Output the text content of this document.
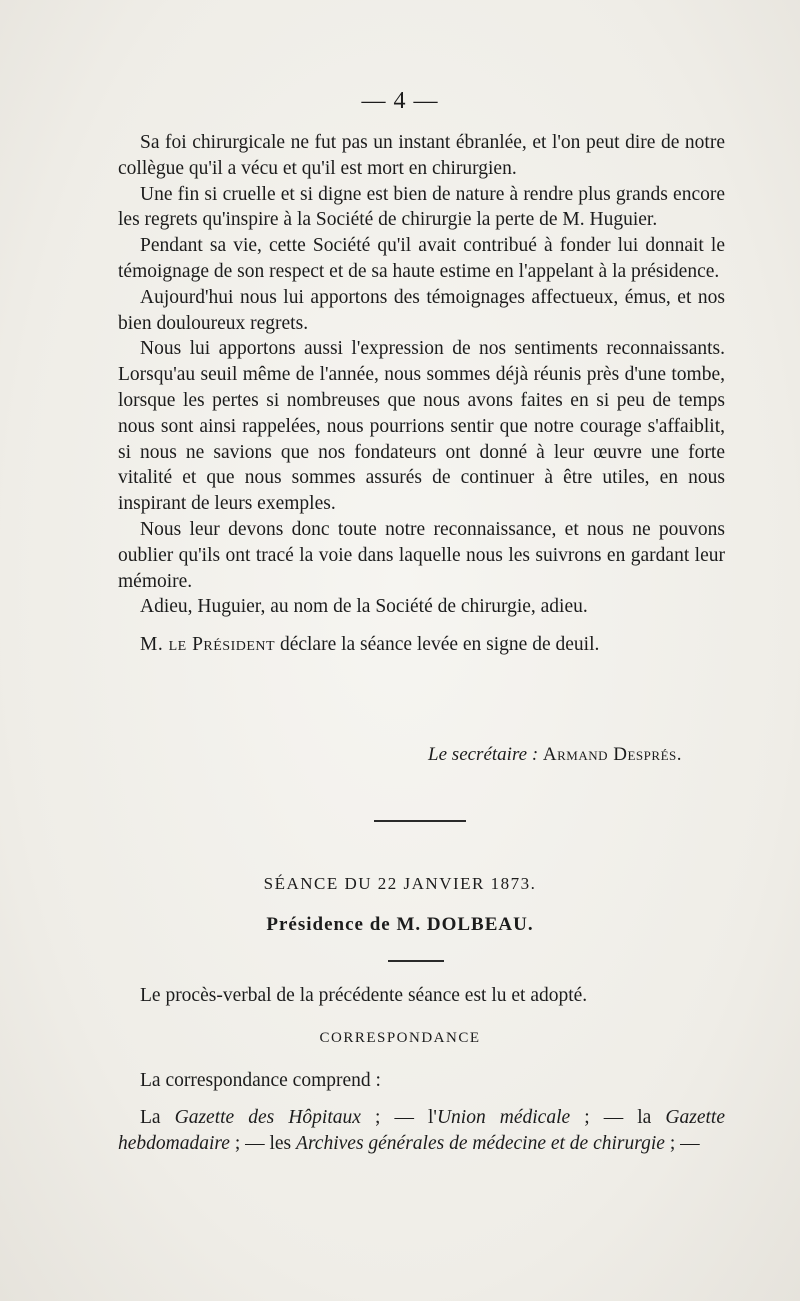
— 4 —

Sa foi chirurgicale ne fut pas un instant ébranlée, et l'on peut dire de notre collègue qu'il a vécu et qu'il est mort en chirurgien.

Une fin si cruelle et si digne est bien de nature à rendre plus grands encore les regrets qu'inspire à la Société de chirurgie la perte de M. Huguier.

Pendant sa vie, cette Société qu'il avait contribué à fonder lui donnait le témoignage de son respect et de sa haute estime en l'appelant à la présidence.

Aujourd'hui nous lui apportons des témoignages affectueux, émus, et nos bien douloureux regrets.

Nous lui apportons aussi l'expression de nos sentiments reconnaissants. Lorsqu'au seuil même de l'année, nous sommes déjà réunis près d'une tombe, lorsque les pertes si nombreuses que nous avons faites en si peu de temps nous sont ainsi rappelées, nous pourrions sentir que notre courage s'affaiblit, si nous ne savions que nos fondateurs ont donné à leur œuvre une forte vitalité et que nous sommes assurés de continuer à être utiles, en nous inspirant de leurs exemples.

Nous leur devons donc toute notre reconnaissance, et nous ne pouvons oublier qu'ils ont tracé la voie dans laquelle nous les suivrons en gardant leur mémoire.

Adieu, Huguier, au nom de la Société de chirurgie, adieu.

M. le Président déclare la séance levée en signe de deuil.

Le secrétaire : Armand Després.
SÉANCE DU 22 JANVIER 1873.
Présidence de M. DOLBEAU.
Le procès-verbal de la précédente séance est lu et adopté.
CORRESPONDANCE
La correspondance comprend :
La Gazette des Hôpitaux ; — l'Union médicale ; — la Gazette hebdomadaire ; — les Archives générales de médecine et de chirurgie ; —
